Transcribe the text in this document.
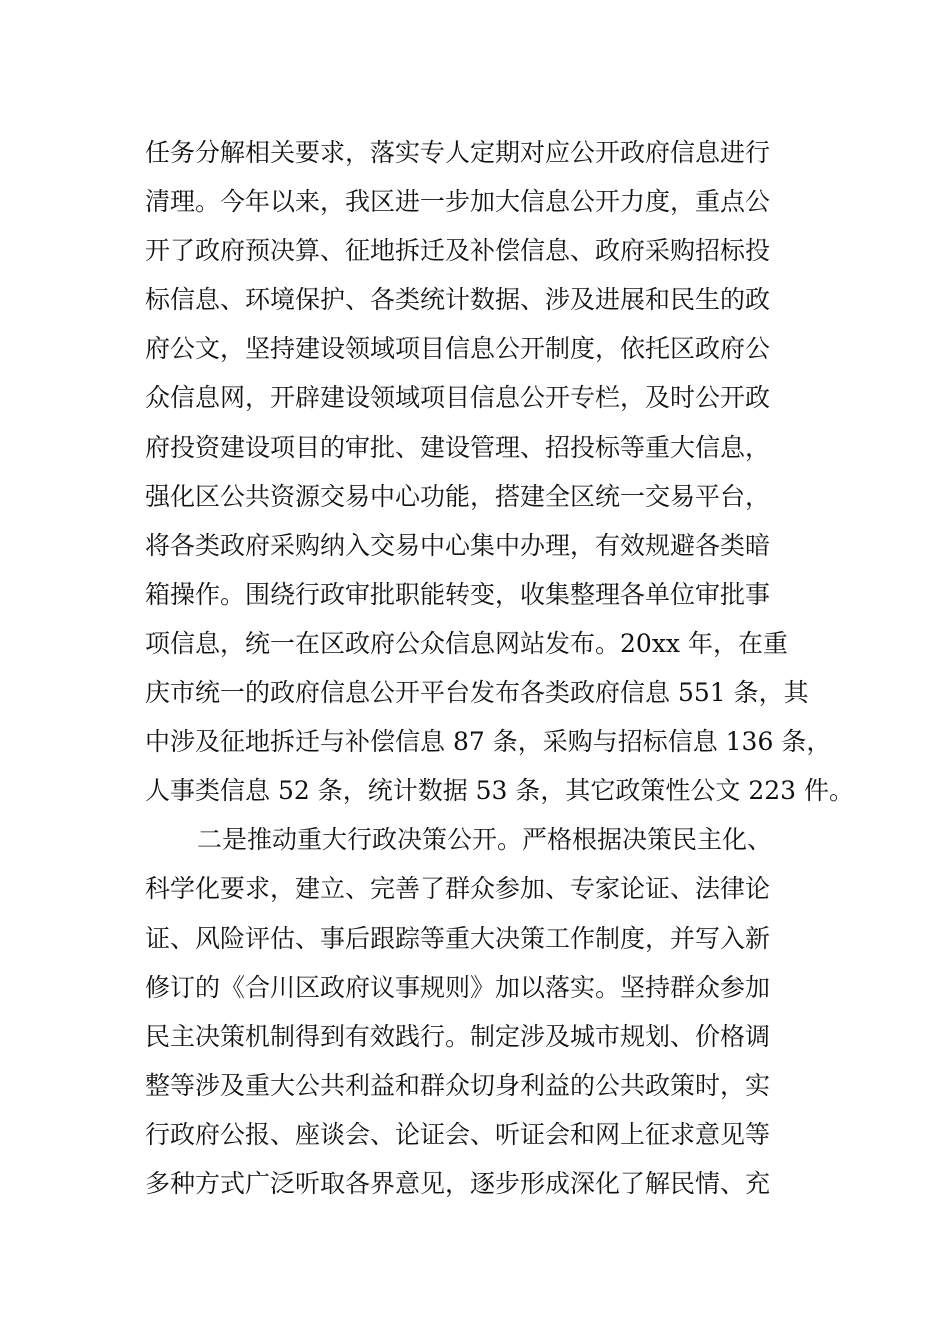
任务分解相关要求，落实专人定期对应公开政府信息进行
清理。今年以来，我区进一步加大信息公开力度，重点公
开了政府预决算、征地拆迁及补偿信息、政府采购招标投
标信息、环境保护、各类统计数据、涉及进展和民生的政
府公文，坚持建设领域项目信息公开制度，依托区政府公
众信息网，开辟建设领域项目信息公开专栏，及时公开政
府投资建设项目的审批、建设管理、招投标等重大信息，
强化区公共资源交易中心功能，搭建全区统一交易平台，
将各类政府采购纳入交易中心集中办理，有效规避各类暗
箱操作。围绕行政审批职能转变，收集整理各单位审批事
项信息，统一在区政府公众信息网站发布。20xx 年，在重
庆市统一的政府信息公开平台发布各类政府信息 551 条，其
中涉及征地拆迁与补偿信息 87 条，采购与招标信息 136 条，
人事类信息 52 条，统计数据 53 条，其它政策性公文 223 件。
二是推动重大行政决策公开。严格根据决策民主化、
科学化要求，建立、完善了群众参加、专家论证、法律论
证、风险评估、事后跟踪等重大决策工作制度，并写入新
修订的《合川区政府议事规则》加以落实。坚持群众参加
民主决策机制得到有效践行。制定涉及城市规划、价格调
整等涉及重大公共利益和群众切身利益的公共政策时，实
行政府公报、座谈会、论证会、听证会和网上征求意见等
多种方式广泛听取各界意见，逐步形成深化了解民情、充
